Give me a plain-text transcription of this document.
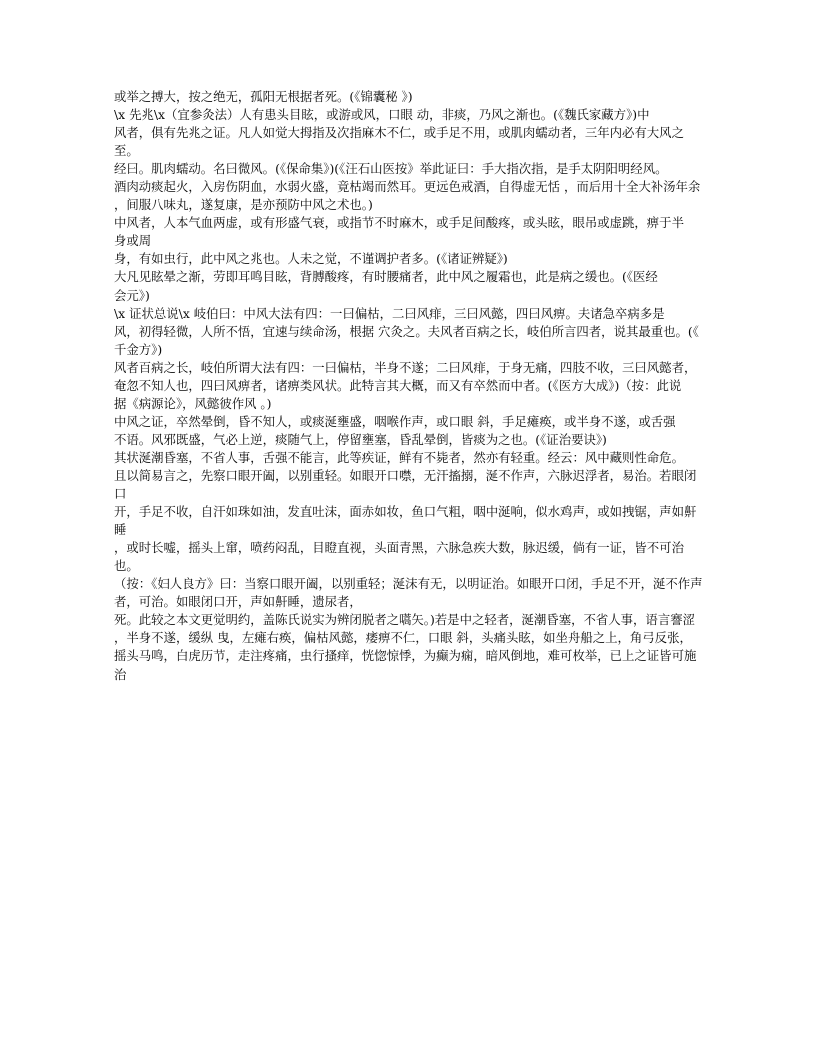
或举之搏大，按之绝无，孤阳无根据者死。(《锦囊秘 》)
\x 先兆\x（宜参灸法）人有患头目眩，或游或风，口眼 动，非痰，乃风之渐也。(《魏氏家藏方》)中
风者，俱有先兆之证。凡人如觉大拇指及次指麻木不仁，或手足不用，或肌肉蠕动者，三年内必有大风之至。
经曰。肌肉蠕动。名曰微风。(《保命集》)(《汪石山医按》举此证曰：手大指次指，是手太阴阳明经风。
酒肉动痰起火，入房伤阴血，水弱火盛，竟枯竭而然耳。更远色戒酒，自得虚无恬 ，而后用十全大补汤年余
，间服八味丸，遂复康，是亦预防中风之术也。)
中风者，人本气血两虚，或有形盛气衰，或指节不时麻木，或手足间酸疼，或头眩，眼吊或虚跳，痹于半
身或周
身，有如虫行，此中风之兆也。人未之觉，不谨调护者多。(《诸证辨疑》)
大凡见眩晕之渐，劳即耳鸣目眩，背膊酸疼，有时腰痛者，此中风之履霜也，此是病之缓也。(《医经
会元》)
\x 证状总说\x 岐伯曰：中风大法有四：一曰偏枯，二曰风痱，三曰风懿，四曰风痹。夫诸急卒病多是
风，初得轻微，人所不悟，宜速与续命汤，根据 穴灸之。夫风者百病之长，岐伯所言四者，说其最重也。(《
千金方》)
风者百病之长，岐伯所谓大法有四：一曰偏枯，半身不遂；二曰风痱，于身无痛，四肢不收，三曰风懿者，
奄忽不知人也，四曰风痹者，诸痹类风状。此特言其大概，而又有卒然而中者。(《医方大成》)（按：此说
据《病源论》，风懿彼作风 。)
中风之证，卒然晕倒，昏不知人，或痰涎壅盛，咽喉作声，或口眼 斜，手足瘫痪，或半身不遂，或舌强
不语。风邪既盛，气必上逆，痰随气上，停留壅塞，昏乱晕倒，皆痰为之也。(《证治要诀》)
其状涎潮昏塞，不省人事，舌强不能言，此等疾证，鲜有不毙者，然亦有轻重。经云：风中藏则性命危。
且以简易言之，先察口眼开阖，以别重轻。如眼开口噤，无汗搐搦，涎不作声，六脉迟浮者，易治。若眼闭口
开，手足不收，自汗如珠如油，发直吐沫，面赤如妆，鱼口气粗，咽中涎响，似水鸡声，或如拽锯，声如鼾睡
，或时长嘘，摇头上窜，喷药闷乱，目瞪直视，头面青黑，六脉急疾大数，脉迟缓，倘有一证，皆不可治也。
（按：《妇人良方》曰：当察口眼开阖，以别重轻；涎沫有无，以明证治。如眼开口闭，手足不开，涎不作声
者，可治。如眼闭口开，声如鼾睡，遗尿者，
死。此较之本文更觉明约，盖陈氏说实为辨闭脱者之嚆矢。)若是中之轻者，涎潮昏塞，不省人事，语言謇涩
，半身不遂，缓纵 曳，左瘫右痪，偏枯风懿，痿痹不仁，口眼 斜，头痛头眩，如坐舟船之上，角弓反张，
摇头马鸣，白虎历节，走注疼痛，虫行搔痒，恍惚惊悸，为癫为痫，暗风倒地，难可枚举，已上之证皆可施治
